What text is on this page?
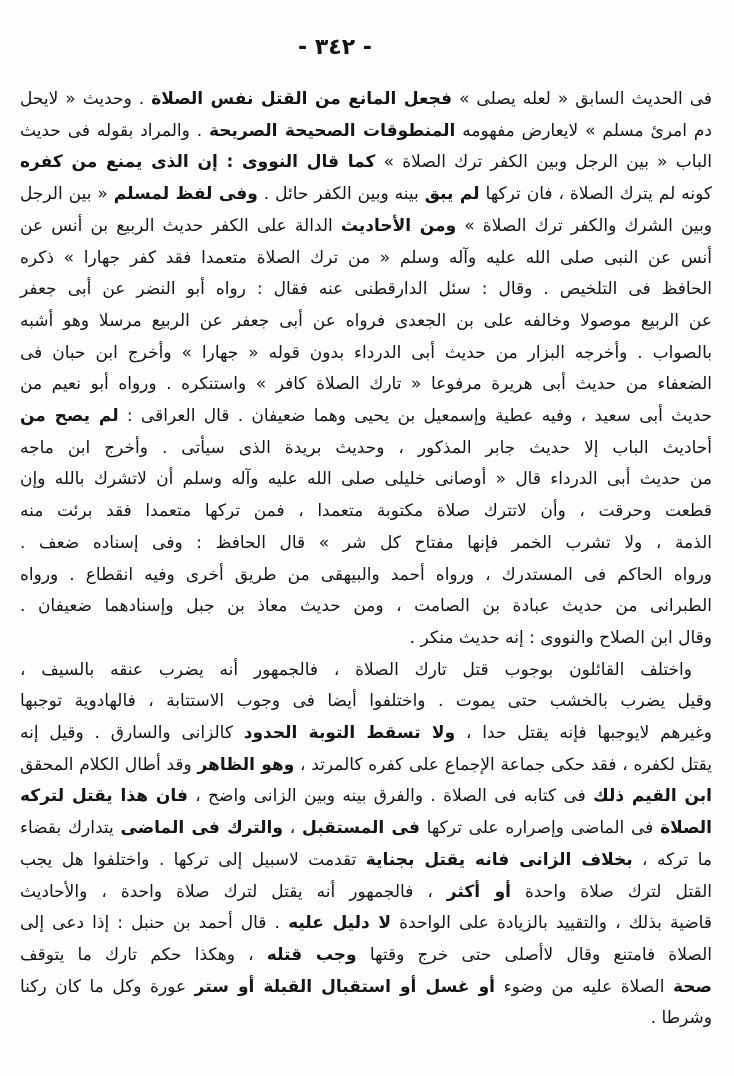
- ٣٤٢ -
فى الحديث السابق « لعله يصلى » فجعل المانع من القتل نفس الصلاة . وحديث « لايحل
دم امرئ مسلم » لايعارض مفهومه المنطوقات الصحيحة الصريحة . والمراد بقوله فى حديث
الباب « بين الرجل وبين الكفر ترك الصلاة » كما قال النووى : إن الذى يمنع من كفره
كونه لم يترك الصلاة ، فان تركها لم يبق بينه وبين الكفر حائل . وفى لفظ لمسلم « بين الرجل
وبين الشرك والكفر ترك الصلاة » ومن الأحاديث الدالة على الكفر حديث الربيع بن أنس عن
أنس عن النبى صلى الله عليه وآله وسلم « من ترك الصلاة متعمدا فقد كفر جهارا » ذكره
الحافظ فى التلخيص . وقال : سئل الدارقطنى عنه فقال : رواه أبو النضر عن أبى جعفر
عن الربيع موصولا وخالفه على بن الجعدى فرواه عن أبى جعفر عن الربيع مرسلا وهو أشبه
بالصواب . وأخرجه البزار من حديث أبى الدرداء بدون قوله « جهارا » وأخرج ابن حبان فى
الضعفاء من حديث أبى هريرة مرفوعا « تارك الصلاة كافر » واستنكره . ورواه أبو نعيم من
حديث أبى سعيد ، وفيه عطية وإسمعيل بن يحيى وهما ضعيفان . قال العراقى : لم يصح من
أحاديث الباب إلا حديث جابر المذكور ، وحديث بريدة الذى سيأتى . وأخرج ابن ماجه
من حديث أبى الدرداء قال « أوصانى خليلى صلى الله عليه وآله وسلم أن لاتشرك بالله وإن
قطعت وحرقت ، وأن لاتترك صلاة مكتوبة متعمدا ، فمن تركها متعمدا فقد برئت منه
الذمة ، ولا تشرب الخمر فإنها مفتاح كل شر » قال الحافظ : وفى إسناده ضعف .
ورواه الحاكم فى المستدرك ، ورواه أحمد والبيهقى من طريق أخرى وفيه انقطاع . ورواه
الطبرانى من حديث عبادة بن الصامت ، ومن حديث معاذ بن جبل وإسنادهما ضعيفان .
وقال ابن الصلاح والنووى : إنه حديث منكر .
واختلف القائلون بوجوب قتل تارك الصلاة ، فالجمهور أنه يضرب عنقه بالسيف ،
وقيل يضرب بالخشب حتى يموت . واختلفوا أيضا فى وجوب الاستتابة ، فالهادوية توجبها
وغيرهم لايوجبها فإنه يقتل حدا ، ولا تسقط التوبة الحدود كالزانى والسارق . وقيل إنه
يقتل لكفره ، فقد حكى جماعة الإجماع على كفره كالمرتد ، وهو الظاهر وقد أطال الكلام المحقق
ابن القيم ذلك فى كتابه فى الصلاة . والفرق بينه وبين الزانى واضح ، فان هذا يقتل لتركه
الصلاة فى الماضى وإصراره على تركها فى المستقبل ، والترك فى الماضى يتدارك بقضاء
ما تركه ، بخلاف الزانى فانه يقتل بجناية تقدمت لاسبيل إلى تركها . واختلفوا هل يجب
القتل لترك صلاة واحدة أو أكثر ، فالجمهور أنه يقتل لترك صلاة واحدة ، والأحاديث
قاضية بذلك ، والتقييد بالزيادة على الواحدة لا دليل عليه . قال أحمد بن حنبل : إذا دعى إلى
الصلاة فامتنع وقال لاأصلى حتى خرج وقتها وجب قتله ، وهكذا حكم تارك ما يتوقف
صحة الصلاة عليه من وضوء أو غسل أو استقبال القبلة أو ستر عورة وكل ما كان ركنا
وشرطا .
